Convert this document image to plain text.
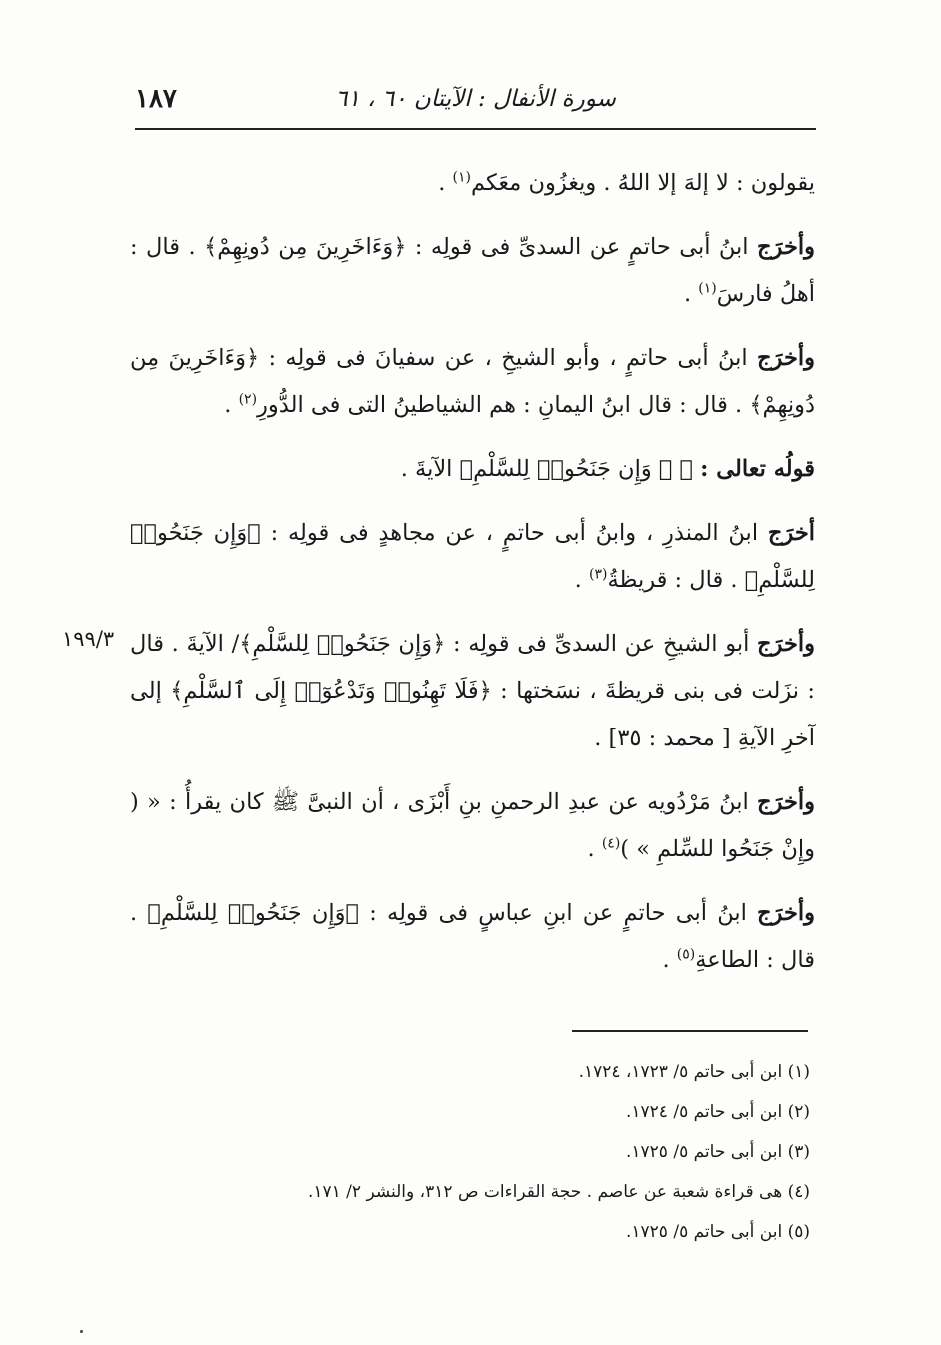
سورة الأنفال : الآيتان ٦٠ ، ٦١
١٨٧

يقولون : لا إلهَ إلا اللهُ . ويغزُون معَكم$^{(١)}$ .

وأخرَج ابنُ أبى حاتمٍ عن السدىِّ فى قولِه : ﴿وَءَاخَرِينَ مِن دُونِهِمْ﴾ . قال : أهلُ فارسَ$^{(١)}$ .

وأخرَج ابنُ أبى حاتمٍ ، وأبو الشيخِ ، عن سفيانَ فى قولِه : ﴿وَءَاخَرِينَ مِن دُونِهِمْ﴾ . قال : قال ابنُ اليمانِ : هم الشياطينُ التى فى الدُّورِ$^{(٢)}$ .

قولُه تعالى : ﴿ ۞ وَإِن جَنَحُوا۟ لِلسَّلْمِ﴾ الآيةَ .

أخرَج ابنُ المنذرِ ، وابنُ أبى حاتمٍ ، عن مجاهدٍ فى قولِه : ﴿وَإِن جَنَحُوا۟ لِلسَّلْمِ﴾ . قال : قريظةُ$^{(٣)}$ .

وأخرَج أبو الشيخِ عن السدىِّ فى قولِه : ﴿وَإِن جَنَحُوا۟ لِلسَّلْمِ﴾/ الآيةَ . قال : نزَلت فى بنى قريظةَ ، نسَختها : ﴿فَلَا تَهِنُوا۟ وَتَدْعُوٓا۟ إِلَى ٱلسَّلْمِ﴾ إلى آخرِ الآيةِ [ محمد : ٣٥] .

وأخرَج ابنُ مَرْدُويه عن عبدِ الرحمنِ بنِ أَبْزَى ، أن النبىَّ ﷺ كان يقرأُ : « ( وإِنْ جَنَحُوا للسِّلمِ » )$^{(٤)}$ .

وأخرَج ابنُ أبى حاتمٍ عن ابنِ عباسٍ فى قولِه : ﴿وَإِن جَنَحُوا۟ لِلسَّلْمِ﴾ . قال : الطاعةِ$^{(٥)}$ .

١٩٩/٣
(١) ابن أبى حاتم ٥/ ١٧٢٣، ١٧٢٤.
(٢) ابن أبى حاتم ٥/ ١٧٢٤.
(٣) ابن أبى حاتم ٥/ ١٧٢٥.
(٤) هى قراءة شعبة عن عاصم . حجة القراءات ص ٣١٢، والنشر ٢/ ١٧١.
(٥) ابن أبى حاتم ٥/ ١٧٢٥.
